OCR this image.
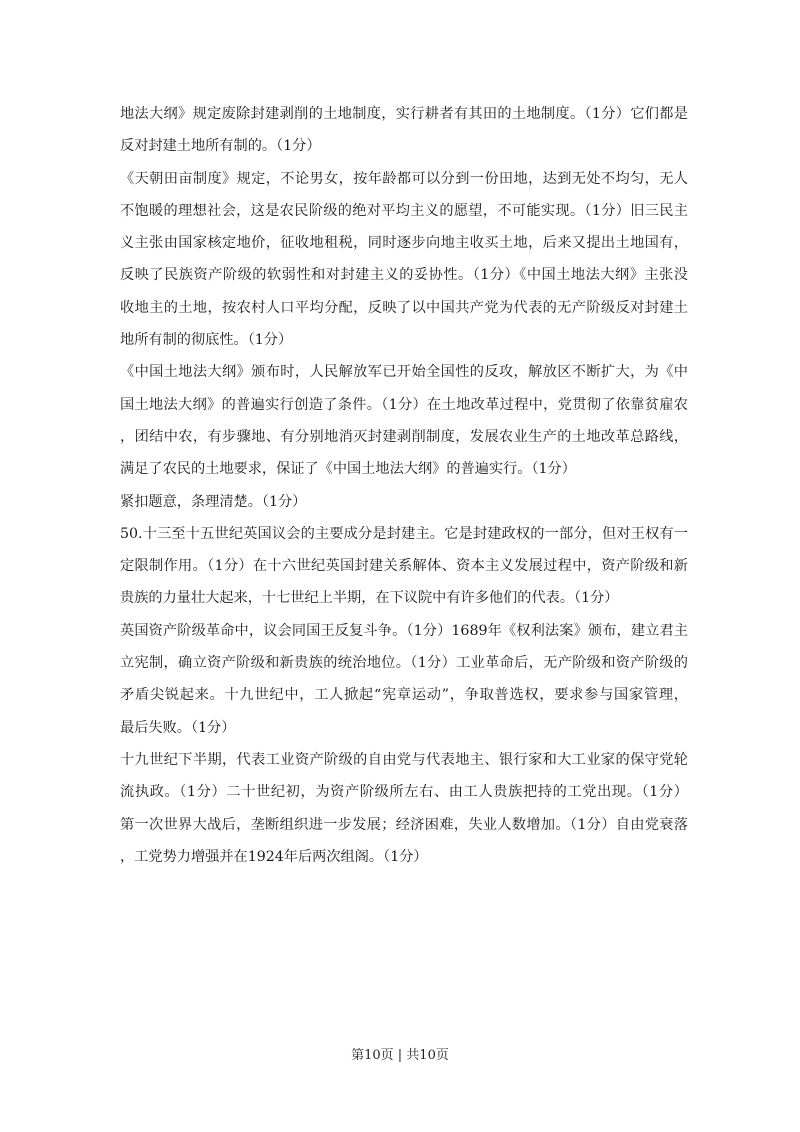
地法大纲》规定废除封建剥削的土地制度，实行耕者有其田的土地制度。（1分）它们都是
反对封建土地所有制的。（1分）
《天朝田亩制度》规定，不论男女，按年龄都可以分到一份田地，达到无处不均匀，无人
不饱暖的理想社会，这是农民阶级的绝对平均主义的愿望，不可能实现。（1分）旧三民主
义主张由国家核定地价，征收地租税，同时逐步向地主收买土地，后来又提出土地国有，
反映了民族资产阶级的软弱性和对封建主义的妥协性。（1分）《中国土地法大纲》主张没
收地主的土地，按农村人口平均分配，反映了以中国共产党为代表的无产阶级反对封建土
地所有制的彻底性。（1分）
《中国土地法大纲》颁布时，人民解放军已开始全国性的反攻，解放区不断扩大，为《中
国土地法大纲》的普遍实行创造了条件。（1分）在土地改革过程中，党贯彻了依靠贫雇农
，团结中农，有步骤地、有分别地消灭封建剥削制度，发展农业生产的土地改革总路线，
满足了农民的土地要求，保证了《中国土地法大纲》的普遍实行。（1分）
紧扣题意，条理清楚。（1分）
50.十三至十五世纪英国议会的主要成分是封建主。它是封建政权的一部分，但对王权有一
定限制作用。（1分）在十六世纪英国封建关系解体、资本主义发展过程中，资产阶级和新
贵族的力量壮大起来，十七世纪上半期，在下议院中有许多他们的代表。（1分）
英国资产阶级革命中，议会同国王反复斗争。（1分）1689年《权利法案》颁布，建立君主
立宪制，确立资产阶级和新贵族的统治地位。（1分）工业革命后，无产阶级和资产阶级的
矛盾尖锐起来。十九世纪中，工人掀起“宪章运动”，争取普选权，要求参与国家管理，
最后失败。（1分）
十九世纪下半期，代表工业资产阶级的自由党与代表地主、银行家和大工业家的保守党轮
流执政。（1分）二十世纪初，为资产阶级所左右、由工人贵族把持的工党出现。（1分）
第一次世界大战后，垄断组织进一步发展；经济困难，失业人数增加。（1分）自由党衰落
，工党势力增强并在1924年后两次组阁。（1分）
第10页 | 共10页
